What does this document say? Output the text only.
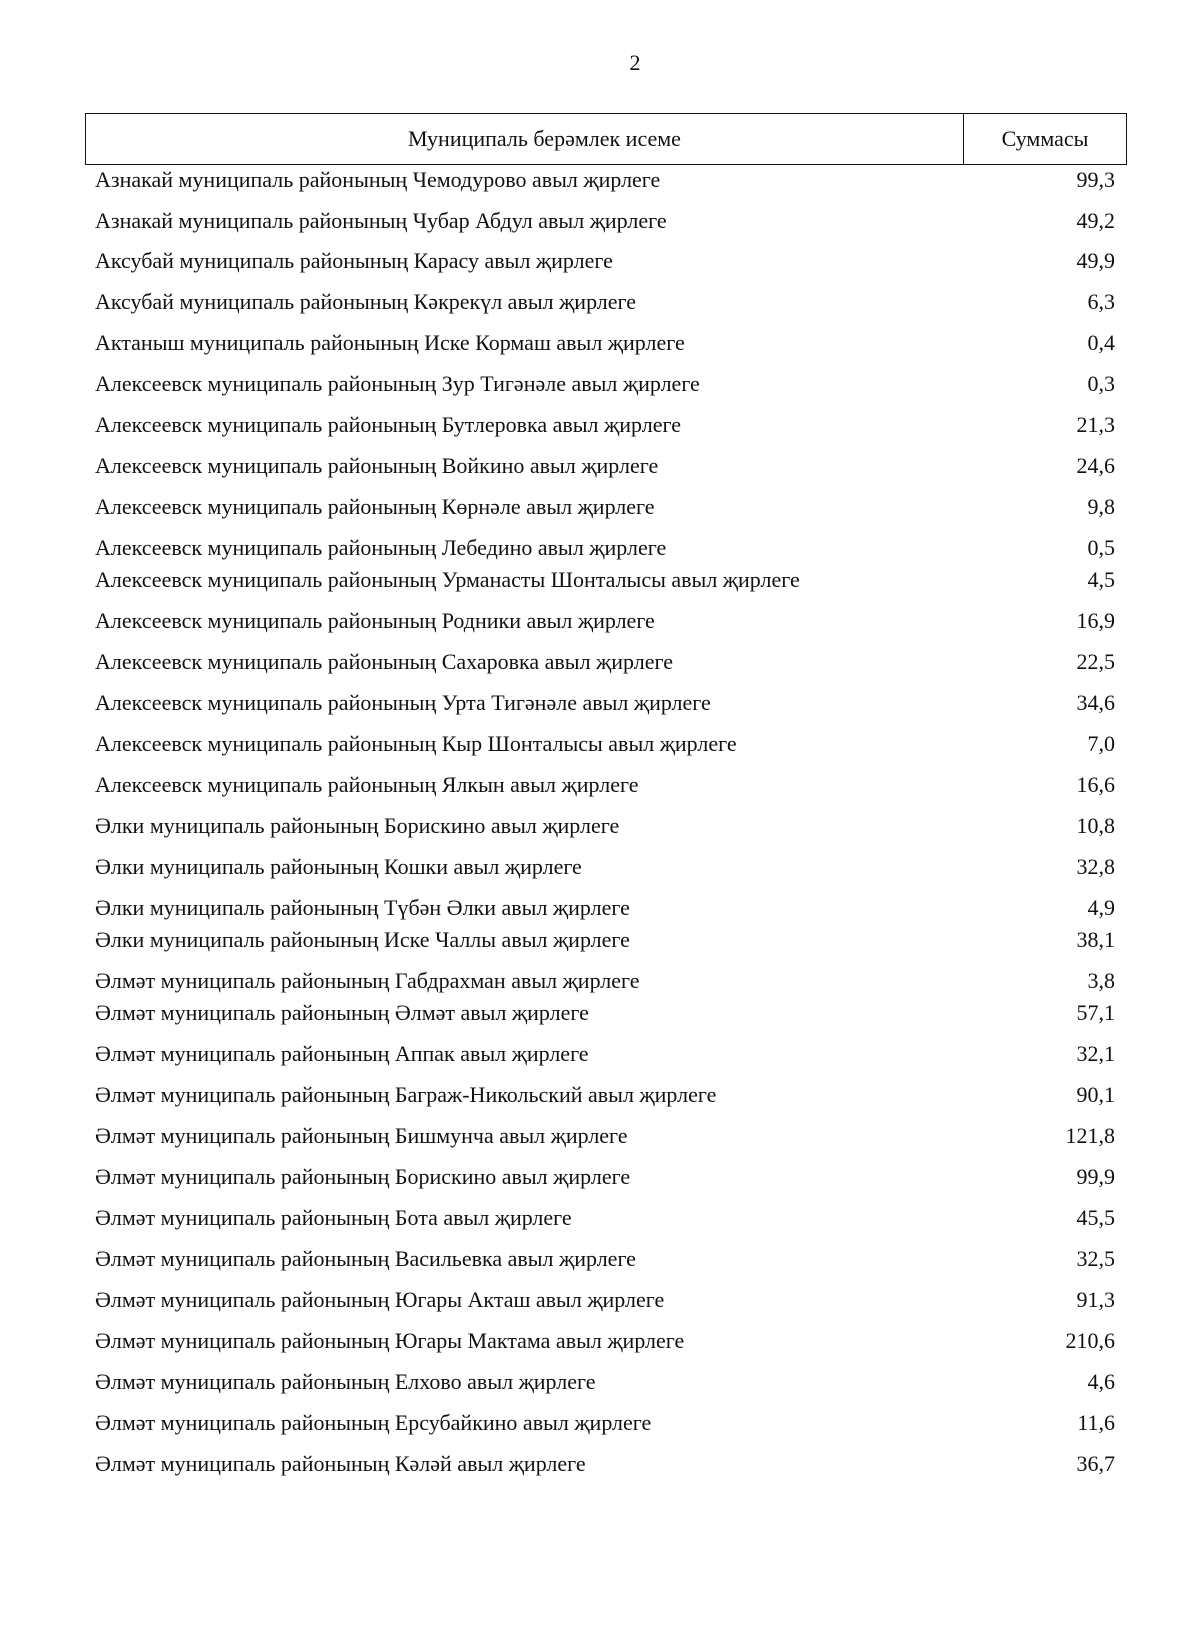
2
Муниципаль берәмлек исеме	Суммасы
Азнакай муниципаль районының Чемодурово авыл җирлеге	99,3
Азнакай муниципаль районының Чубар Абдул авыл җирлеге	49,2
Аксубай муниципаль районының Карасу авыл җирлеге	49,9
Аксубай муниципаль районының Кәкрекүл авыл җирлеге	6,3
Актаныш муниципаль районының Иске Кормаш авыл җирлеге	0,4
Алексеевск муниципаль районының Зур Тигәнәле авыл җирлеге	0,3
Алексеевск муниципаль районының Бутлеровка авыл җирлеге	21,3
Алексеевск муниципаль районының Войкино авыл җирлеге	24,6
Алексеевск муниципаль районының Көрнәле авыл җирлеге	9,8
Алексеевск муниципаль районының Лебедино авыл җирлеге	0,5
Алексеевск муниципаль районының Урманасты Шонталысы авыл җирлеге	4,5
Алексеевск муниципаль районының Родники авыл җирлеге	16,9
Алексеевск муниципаль районының Сахаровка авыл җирлеге	22,5
Алексеевск муниципаль районының Урта Тигәнәле авыл җирлеге	34,6
Алексеевск муниципаль районының Кыр Шонталысы авыл җирлеге	7,0
Алексеевск муниципаль районының Ялкын авыл җирлеге	16,6
Әлки муниципаль районының Борискино авыл җирлеге	10,8
Әлки муниципаль районының Кошки авыл җирлеге	32,8
Әлки муниципаль районының Түбән Әлки авыл җирлеге	4,9
Әлки муниципаль районының Иске Чаллы авыл җирлеге	38,1
Әлмәт муниципаль районының Габдрахман авыл җирлеге	3,8
Әлмәт муниципаль районының Әлмәт авыл җирлеге	57,1
Әлмәт муниципаль районының Аппак авыл җирлеге	32,1
Әлмәт муниципаль районының Баграж-Никольский авыл җирлеге	90,1
Әлмәт муниципаль районының Бишмунча авыл җирлеге	121,8
Әлмәт муниципаль районының Борискино авыл җирлеге	99,9
Әлмәт муниципаль районының Бота авыл җирлеге	45,5
Әлмәт муниципаль районының Васильевка авыл җирлеге	32,5
Әлмәт муниципаль районының Югары Акташ авыл җирлеге	91,3
Әлмәт муниципаль районының Югары Мактама авыл җирлеге	210,6
Әлмәт муниципаль районының Елхово авыл җирлеге	4,6
Әлмәт муниципаль районының Ерсубайкино авыл җирлеге	11,6
Әлмәт муниципаль районының Кәләй авыл җирлеге	36,7
